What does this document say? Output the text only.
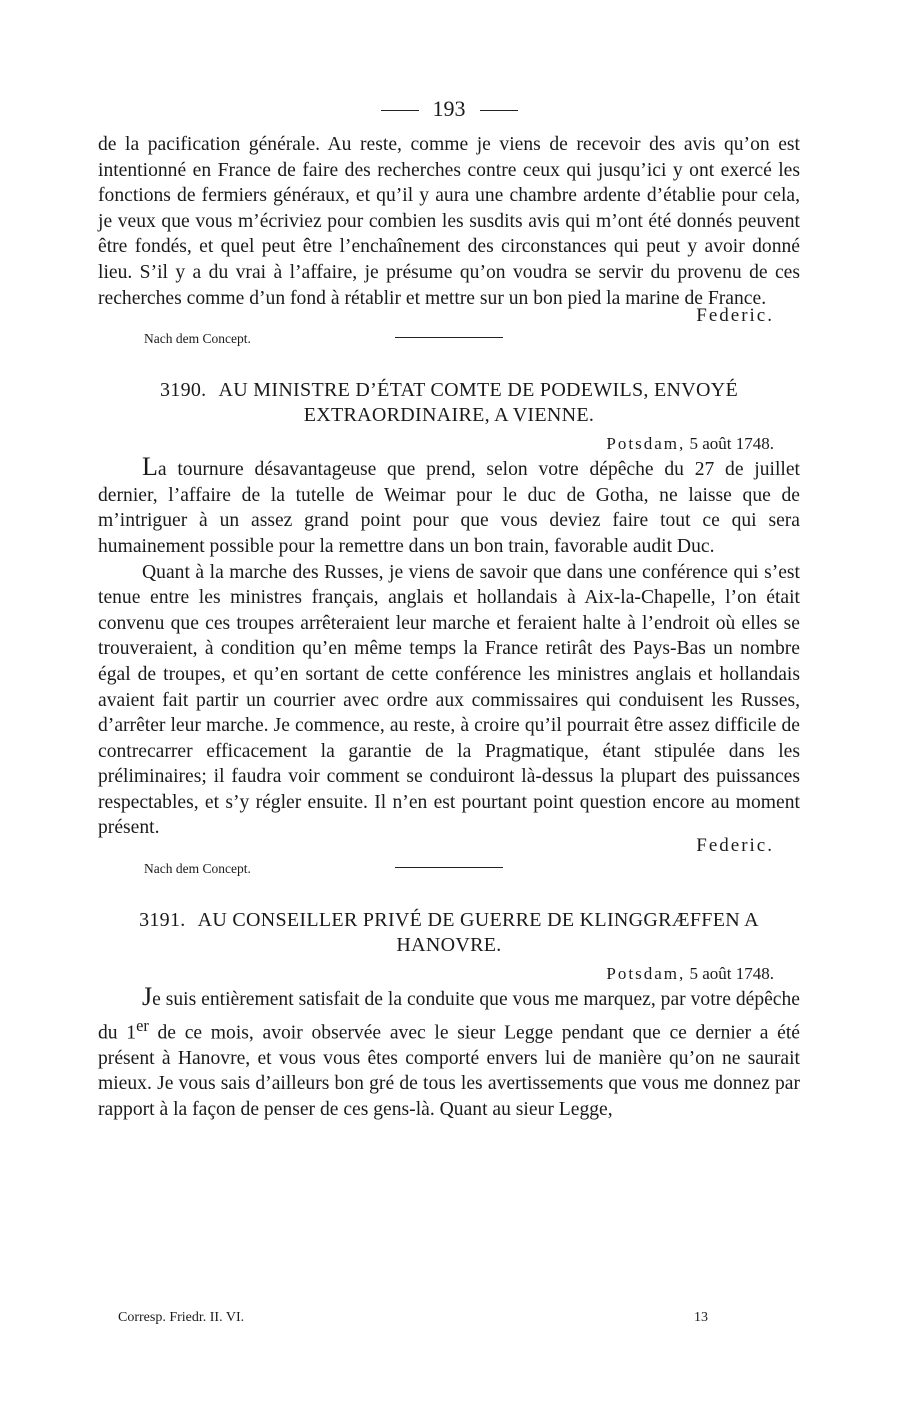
193

de la pacification générale. Au reste, comme je viens de recevoir des avis qu’on est intentionné en France de faire des recherches contre ceux qui jusqu’ici y ont exercé les fonctions de fermiers généraux, et qu’il y aura une chambre ardente d’établie pour cela, je veux que vous m’écriviez pour combien les susdits avis qui m’ont été donnés peuvent être fondés, et quel peut être l’enchaînement des circonstances qui peut y avoir donné lieu. S’il y a du vrai à l’affaire, je présume qu’on voudra se servir du provenu de ces recherches comme d’un fond à rétablir et mettre sur un bon pied la marine de France.

Federic.
Nach dem Concept.
3190. AU MINISTRE D’ÉTAT COMTE DE PODEWILS, ENVOYÉ EXTRAORDINAIRE, A VIENNE.
Potsdam, 5 août 1748.

La tournure désavantageuse que prend, selon votre dépêche du 27 de juillet dernier, l’affaire de la tutelle de Weimar pour le duc de Gotha, ne laisse que de m’intriguer à un assez grand point pour que vous deviez faire tout ce qui sera humainement possible pour la remettre dans un bon train, favorable audit Duc.

Quant à la marche des Russes, je viens de savoir que dans une conférence qui s’est tenue entre les ministres français, anglais et hollandais à Aix-la-Chapelle, l’on était convenu que ces troupes arrêteraient leur marche et feraient halte à l’endroit où elles se trouveraient, à condition qu’en même temps la France retirât des Pays-Bas un nombre égal de troupes, et qu’en sortant de cette conférence les ministres anglais et hollandais avaient fait partir un courrier avec ordre aux commissaires qui conduisent les Russes, d’arrêter leur marche. Je commence, au reste, à croire qu’il pourrait être assez difficile de contrecarrer efficacement la garantie de la Pragmatique, étant stipulée dans les préliminaires; il faudra voir comment se conduiront là-dessus la plupart des puissances respectables, et s’y régler ensuite. Il n’en est pourtant point question encore au moment présent.

Federic.
Nach dem Concept.
3191. AU CONSEILLER PRIVÉ DE GUERRE DE KLINGGRÆFFEN A HANOVRE.
Potsdam, 5 août 1748.

Je suis entièrement satisfait de la conduite que vous me marquez, par votre dépêche du 1er de ce mois, avoir observée avec le sieur Legge pendant que ce dernier a été présent à Hanovre, et vous vous êtes comporté envers lui de manière qu’on ne saurait mieux. Je vous sais d’ailleurs bon gré de tous les avertissements que vous me donnez par rapport à la façon de penser de ces gens-là. Quant au sieur Legge,

Corresp. Friedr. II. VI.	13
